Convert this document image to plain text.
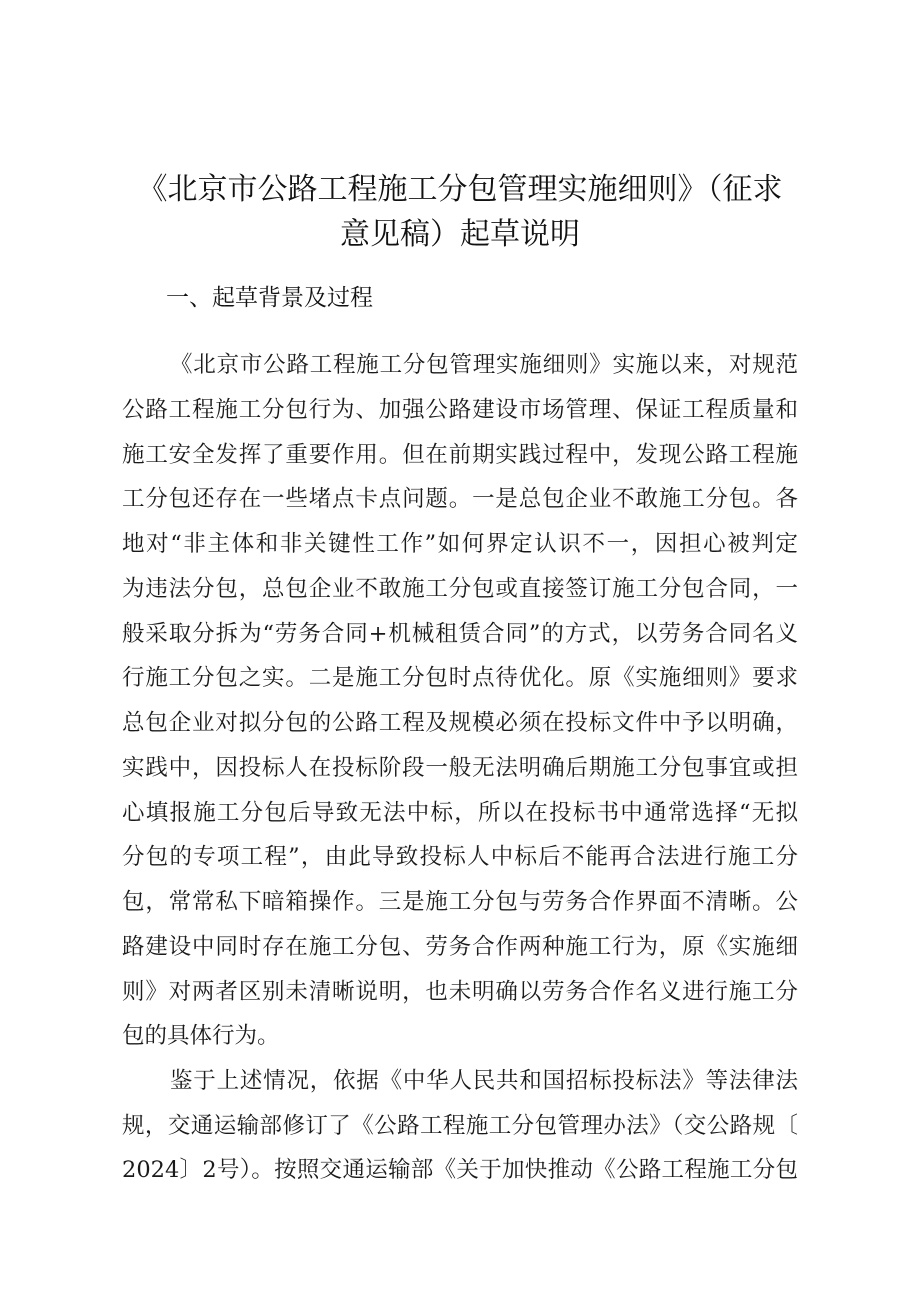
《北京市公路工程施工分包管理实施细则》（征求
意见稿）起草说明
一、起草背景及过程
《北京市公路工程施工分包管理实施细则》实施以来，对规范
公路工程施工分包行为、加强公路建设市场管理、保证工程质量和
施工安全发挥了重要作用。但在前期实践过程中，发现公路工程施
工分包还存在一些堵点卡点问题。一是总包企业不敢施工分包。各
地对“非主体和非关键性工作”如何界定认识不一，因担心被判定
为违法分包，总包企业不敢施工分包或直接签订施工分包合同，一
般采取分拆为“劳务合同+机械租赁合同”的方式，以劳务合同名义
行施工分包之实。二是施工分包时点待优化。原《实施细则》要求
总包企业对拟分包的公路工程及规模必须在投标文件中予以明确，
实践中，因投标人在投标阶段一般无法明确后期施工分包事宜或担
心填报施工分包后导致无法中标，所以在投标书中通常选择“无拟
分包的专项工程”，由此导致投标人中标后不能再合法进行施工分
包，常常私下暗箱操作。三是施工分包与劳务合作界面不清晰。公
路建设中同时存在施工分包、劳务合作两种施工行为，原《实施细
则》对两者区别未清晰说明，也未明确以劳务合作名义进行施工分
包的具体行为。
鉴于上述情况，依据《中华人民共和国招标投标法》等法律法
规，交通运输部修订了《公路工程施工分包管理办法》（交公路规〔
2024〕2号）。按照交通运输部《关于加快推动《公路工程施工分包
